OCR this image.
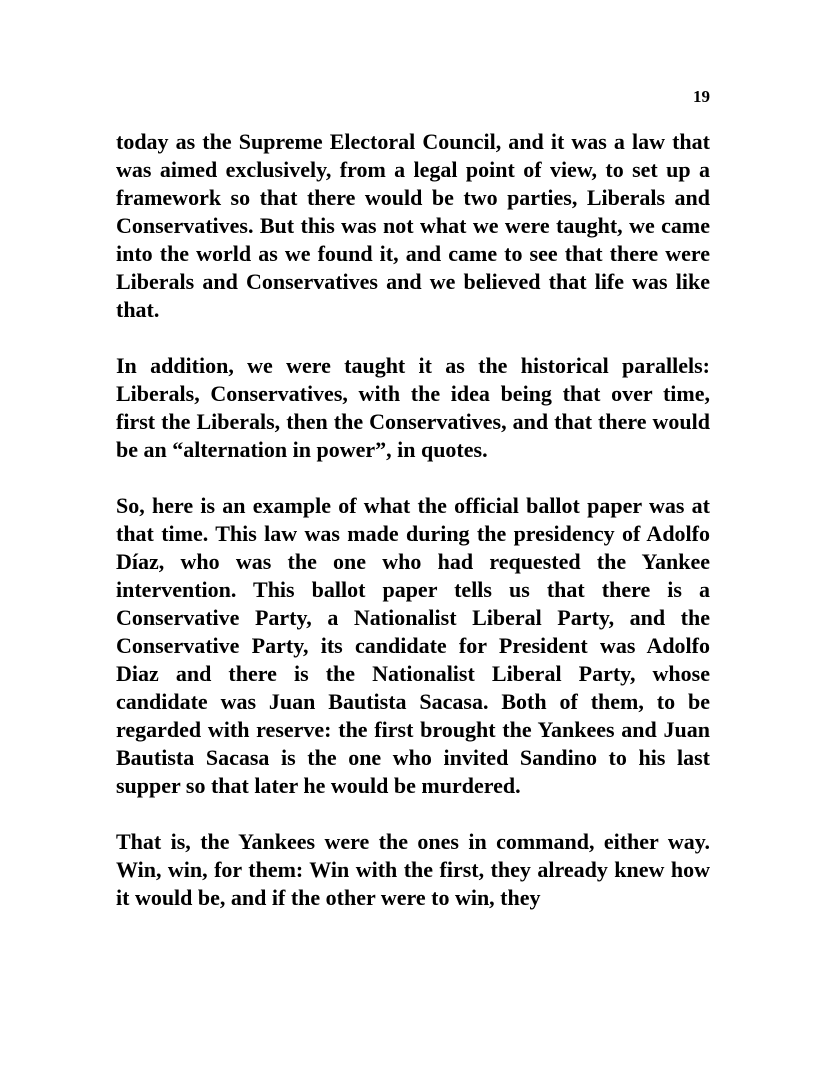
19

today as the Supreme Electoral Council, and it was a law that was aimed exclusively, from a legal point of view, to set up a framework so that there would be two parties, Liberals and Conservatives. But this was not what we were taught, we came into the world as we found it, and came to see that there were Liberals and Conservatives and we believed that life was like that.

In addition, we were taught it as the historical parallels: Liberals, Conservatives, with the idea being that over time, first the Liberals, then the Conservatives, and that there would be an “alternation in power”, in quotes.

So, here is an example of what the official ballot paper was at that time. This law was made during the presidency of Adolfo Díaz, who was the one who had requested the Yankee intervention. This ballot paper tells us that there is a Conservative Party, a Nationalist Liberal Party, and the Conservative Party, its candidate for President was Adolfo Diaz and there is the Nationalist Liberal Party, whose candidate was Juan Bautista Sacasa. Both of them, to be regarded with reserve: the first brought the Yankees and Juan Bautista Sacasa is the one who invited Sandino to his last supper so that later he would be murdered.

That is, the Yankees were the ones in command, either way. Win, win, for them: Win with the first, they already knew how it would be, and if the other were to win, they
